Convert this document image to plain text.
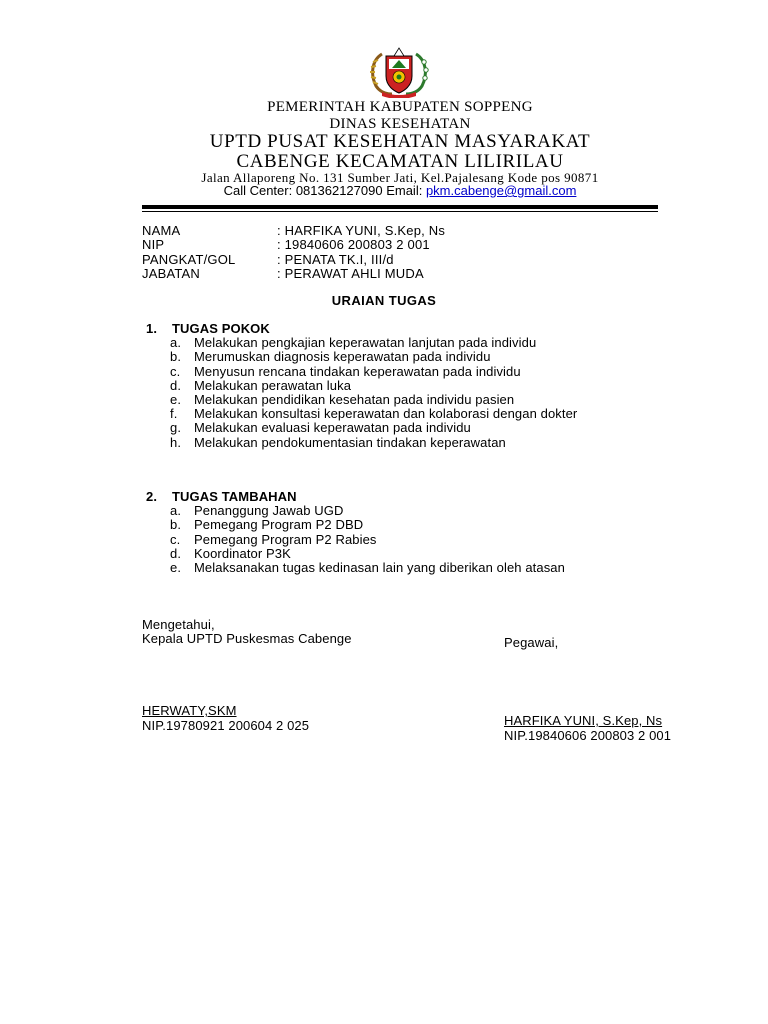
PEMERINTAH KABUPATEN SOPPENG
DINAS KESEHATAN
UPTD PUSAT KESEHATAN MASYARAKAT
CABENGE KECAMATAN LILIRILAU
Jalan Allaporeng No. 131 Sumber Jati, Kel.Pajalesang Kode pos 90871
Call Center: 081362127090 Email: pkm.cabenge@gmail.com
NAMA	: HARFIKA YUNI, S.Kep, Ns
NIP	: 19840606 200803 2 001
PANGKAT/GOL	: PENATA TK.I, III/d
JABATAN	: PERAWAT AHLI MUDA
URAIAN TUGAS
1. TUGAS POKOK
a. Melakukan pengkajian keperawatan lanjutan pada individu
b. Merumuskan diagnosis keperawatan pada individu
c.	Menyusun rencana tindakan keperawatan pada individu
d. Melakukan perawatan luka
e. Melakukan pendidikan kesehatan pada individu pasien
f.	Melakukan konsultasi keperawatan dan kolaborasi dengan dokter
g. Melakukan evaluasi keperawatan pada individu
h. Melakukan pendokumentasian tindakan keperawatan
2. TUGAS TAMBAHAN
a. Penanggung Jawab UGD
b. Pemegang Program P2 DBD
c.	Pemegang Program P2 Rabies
d. Koordinator P3K
e. Melaksanakan tugas kedinasan lain yang diberikan oleh atasan
Mengetahui,
Kepala UPTD Puskesmas Cabenge
HERWATY,SKM
NIP.19780921 200604 2 025
Pegawai,
HARFIKA YUNI, S.Kep, Ns
NIP.19840606 200803 2 001
